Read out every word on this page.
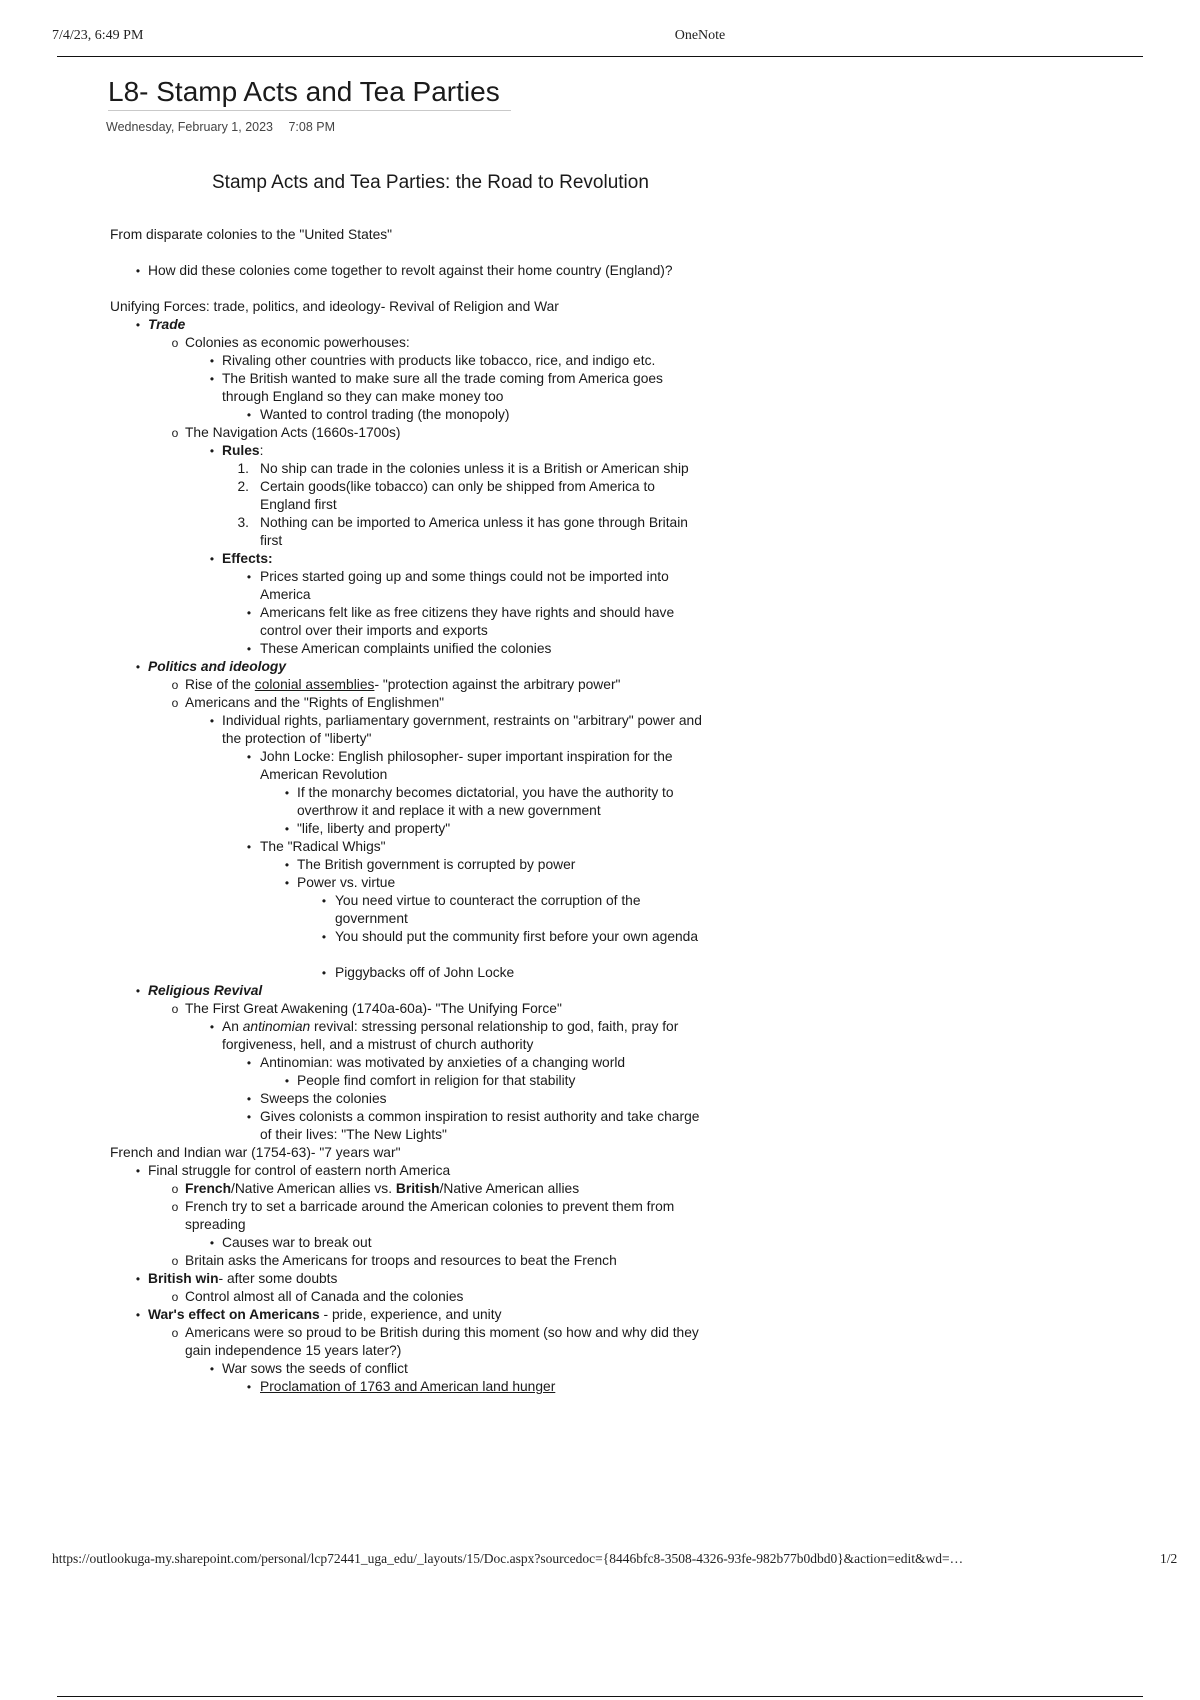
7/4/23, 6:49 PM	OneNote
L8- Stamp Acts and Tea Parties
Wednesday, February 1, 2023 7:08 PM
Stamp Acts and Tea Parties: the Road to Revolution
From disparate colonies to the "United States"
• How did these colonies come together to revolt against their home country (England)?
Unifying Forces: trade, politics, and ideology- Revival of Religion and War
• Trade
o Colonies as economic powerhouses:
• Rivaling other countries with products like tobacco, rice, and indigo etc.
• The British wanted to make sure all the trade coming from America goes through England so they can make money too
• Wanted to control trading (the monopoly)
o The Navigation Acts (1660s-1700s)
• Rules:
1. No ship can trade in the colonies unless it is a British or American ship
2. Certain goods(like tobacco) can only be shipped from America to England first
3. Nothing can be imported to America unless it has gone through Britain first
• Effects:
• Prices started going up and some things could not be imported into America
• Americans felt like as free citizens they have rights and should have control over their imports and exports
• These American complaints unified the colonies
• Politics and ideology
o Rise of the colonial assemblies- "protection against the arbitrary power"
o Americans and the "Rights of Englishmen"
• Individual rights, parliamentary government, restraints on "arbitrary" power and the protection of "liberty"
• John Locke: English philosopher- super important inspiration for the American Revolution
• If the monarchy becomes dictatorial, you have the authority to overthrow it and replace it with a new government
• "life, liberty and property"
• The "Radical Whigs"
• The British government is corrupted by power
• Power vs. virtue
• You need virtue to counteract the corruption of the government
• You should put the community first before your own agenda
• Piggybacks off of John Locke
• Religious Revival
o The First Great Awakening (1740a-60a)- "The Unifying Force"
• An antinomian revival: stressing personal relationship to god, faith, pray for forgiveness, hell, and a mistrust of church authority
• Antinomian: was motivated by anxieties of a changing world
• People find comfort in religion for that stability
• Sweeps the colonies
• Gives colonists a common inspiration to resist authority and take charge of their lives: "The New Lights"
French and Indian war (1754-63)- "7 years war"
• Final struggle for control of eastern north America
o French/Native American allies vs. British/Native American allies
o French try to set a barricade around the American colonies to prevent them from spreading
• Causes war to break out
o Britain asks the Americans for troops and resources to beat the French
• British win- after some doubts
o Control almost all of Canada and the colonies
• War's effect on Americans - pride, experience, and unity
o Americans were so proud to be British during this moment (so how and why did they gain independence 15 years later?)
• War sows the seeds of conflict
• Proclamation of 1763 and American land hunger
https://outlookuga-my.sharepoint.com/personal/lcp72441_uga_edu/_layouts/15/Doc.aspx?sourcedoc={8446bfc8-3508-4326-93fe-982b77b0dbd0}&action=edit&wd=…	1/2
